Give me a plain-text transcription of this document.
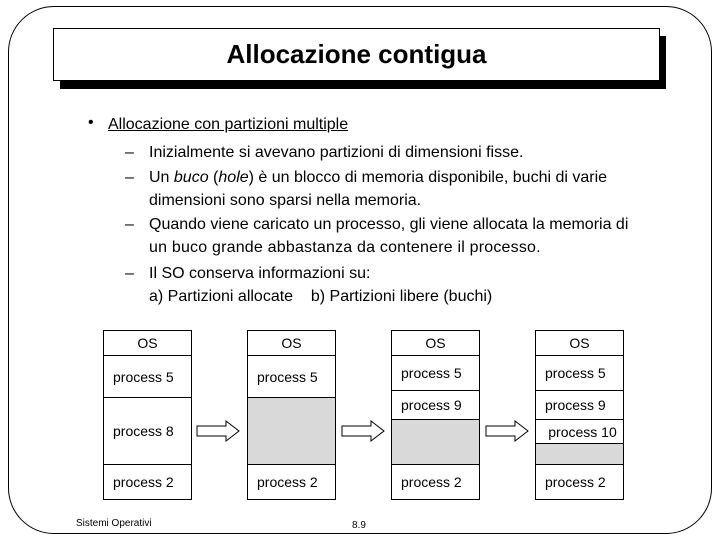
Allocazione contigua
• Allocazione con partizioni multiple
– Inizialmente si avevano partizioni di dimensioni fisse.
– Un buco (hole) è un blocco di memoria disponibile, buchi di varie
dimensioni sono sparsi nella memoria.
– Quando viene caricato un processo, gli viene allocata la memoria di
un buco grande abbastanza da contenere il processo.
– Il SO conserva informazioni su:
a) Partizioni allocate    b) Partizioni libere (buchi)
OS
process 5
process 8
process 2
OS
process 5
process 2
OS
process 5
process 9
process 2
OS
process 5
process 9
process 10
process 2
Sistemi Operativi	8.9
